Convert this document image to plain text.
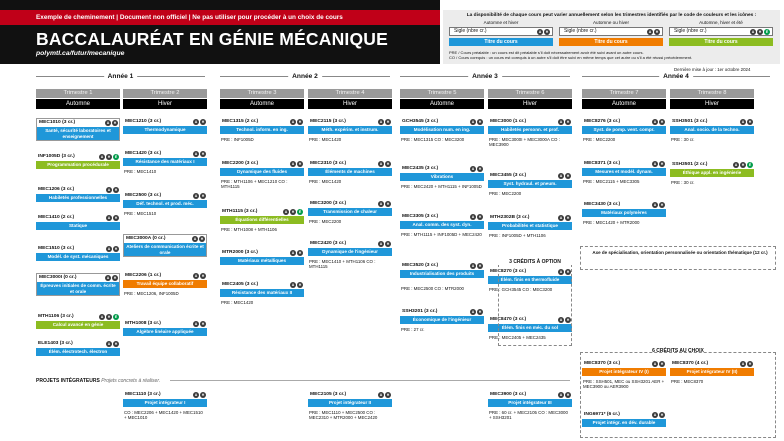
Exemple de cheminement | Document non officiel | Ne pas utiliser pour procéder à un choix de cours
BACCALAURÉAT EN GÉNIE MÉCANIQUE
polymtl.ca/futur/mecanique
La disponibilité de chaque cours peut varier annuellement selon les trimestres identifiés par le code de couleurs et les icônes :
Automne et hiver
Sigle (nbre cr.)	A H
Titre du cours
Automne ou hiver
Sigle (nbre cr.)	A H
Titre du cours
Automne, hiver et été
Sigle (nbre cr.)	A H É
Titre du cours
PRE / Cours préalable : un cours est dit préalable s'il doit nécessairement avoir été suivi avant un autre cours.
CO / Cours corequis : un cours est corequis à un autre s'il doit être suivi en même temps que cet autre ou s'il a été réussi précédemment.
Dernière mise à jour : 1er octobre 2024
Année 1	Année 2	Année 3	Année 4
Trimestre 1
Automne
Trimestre 2
Hiver
Trimestre 3
Automne
Trimestre 4
Hiver
Trimestre 5
Automne
Trimestre 6
Hiver
Trimestre 7
Automne
Trimestre 8
Hiver
MEC1010 (3 cr.)	A H
Santé, sécurité laboratoires et enseignement
INF1005D (3 cr.)	A H É
Programmation procédurale
MEC1206 (3 cr.)	A H
Habiletés professionnelles
MEC1410 (2 cr.)	A H
Statique
MEC1510 (3 cr.)	A H
Modél. de syst. mécaniques
MEC3000I (0 cr.)	A H
Épreuves initiales de comm. écrite et orale
MTH1106 (3 cr.)	A H É
Calcul avancé en génie
ELE1403 (3 cr.)	A H
Élém. électrotech. électron
MEC1210 (3 cr.)	A H
Thermodynamique
MEC1420 (3 cr.)	A H
Résistance des matériaux I
PRE : MEC1410
MEC2500 (3 cr.)	A H
Déf. technol. et prod. méc.
PRE : MEC1510
MEC3000A (0 cr.)	A H
Ateliers de communication écrite et orale
MEC2206 (1 cr.)	A H
Travail équipe collaboratif
PRE : MEC1206, INF1005D
MTH1008 (3 cr.)	A H
Algèbre linéaire appliquée
MEC1315 (2 cr.)	A H
Technol. inform. en ing.
PRE : INF1005D
MEC2200 (3 cr.)	A H
Dynamique des fluides
PRE : MTH1106 + MEC1210 CO : MTH1115
MTH1115 (3 cr.)	A H É
Équations différentielles
PRE : MTH1008 + MTH1106
MTR2000 (3 cr.)	A H
Matériaux métalliques
MEC2405 (3 cr.)	A H
Résistance des matériaux II
PRE : MEC1420
MEC2115 (3 cr.)	A H
Méth. expérim. et instrum.
PRE : MEC1420
MEC2310 (3 cr.)	A H
Éléments de machines
PRE : MEC1420
MEC3200 (3 cr.)	A H
Transmission de chaleur
PRE : MEC2200
MEC2420 (3 cr.)	A H
Dynamique de l'ingénieur
PRE : MEC1410 + MTH1106 CO : MTH1115
GCH3545 (3 cr.)	A H
Modélisation num. en ing.
PRE : MEC1315 CO : MEC3200
MEC2435 (3 cr.)	A H
Vibrations
PRE : MEC2420 + MTH1115 + INF1005D
MEC3305 (3 cr.)	A H
Anal. comm. des syst. dyn.
PRE : MTH1115 + INF1005D + MEC2420
MEC3520 (3 cr.)	A H
Industrialisation des produits
PRE : MEC2500 CO : MTR2000
SSH3201 (3 cr.)	A H
Économique de l'ingénieur
PRE : 27 cr.
MEC3000 (1 cr.)	A H
Habiletés personn. et prof.
PRE : MEC3000I + MEC3000A CO : MEC3900
MEC3455 (3 cr.)	A H
Syst. hydraul. et pneum.
PRE : MEC2200
MTH2302B (3 cr.)	A H
Probabilités et statistique
PRE : INF1005D + MTH1106
MEC8270 (3 cr.)	A H
Élém. finis en thermofluide
PRE : GCH3545 CO : MEC3200
MEC8470 (3 cr.)	A H
Élém. finis en méc. du sol
PRE : MEC2405 + MEC2435
MEC8276 (3 cr.)	A H
Syst. de pomp. vent. compr.
PRE : MEC2200
MEC8371 (3 cr.)	A H
Mesures et modél. dynam.
PRE : MEC2115 + MEC3305
MEC3430 (3 cr.)	A H
Matériaux polymères
PRE : MEC1420 + MTR2000
SSH3501 (3 cr.)	A H
Anal. socio. de la techno.
PRE : 30 cr.
SSH3501 (2 cr.)	A H É
Éthique appl. en ingénierie
PRE : 30 cr.
MEC1110 (3 cr.)	A H
Projet intégrateur I
CO : MEC2206 + MEC1420 + MEC1510 + MEC1010
MEC2105 (3 cr.)	A H
Projet intégrateur II
PRE : MEC1110 + MEC2500 CO : MEC2310 + MTR2000 + MEC2420
MEC3900 (3 cr.)	A H
Projet intégrateur III
PRE : 60 cr. + MEC2105 CO : MEC3000 + SSH3201
MEC8370 (3 cr.)	A H
Projet intégrateur IV (I)
PRE : SSH501, MEC ou SSH3201 AER + MEC3900 ou AER3900
MEC8370 (4 cr.)	A H
Projet intégrateur IV (II)
PRE : MEC8370
ING6971* (6 cr.)	A H
Projet intégr. en dév. durable
3 CRÉDITS À OPTION
Axe de spécialisation, orientation personnalisée ou orientation thématique (12 cr.)
6 CRÉDITS AU CHOIX
PROJETS INTÉGRATEURS Projets concrets à réaliser.
